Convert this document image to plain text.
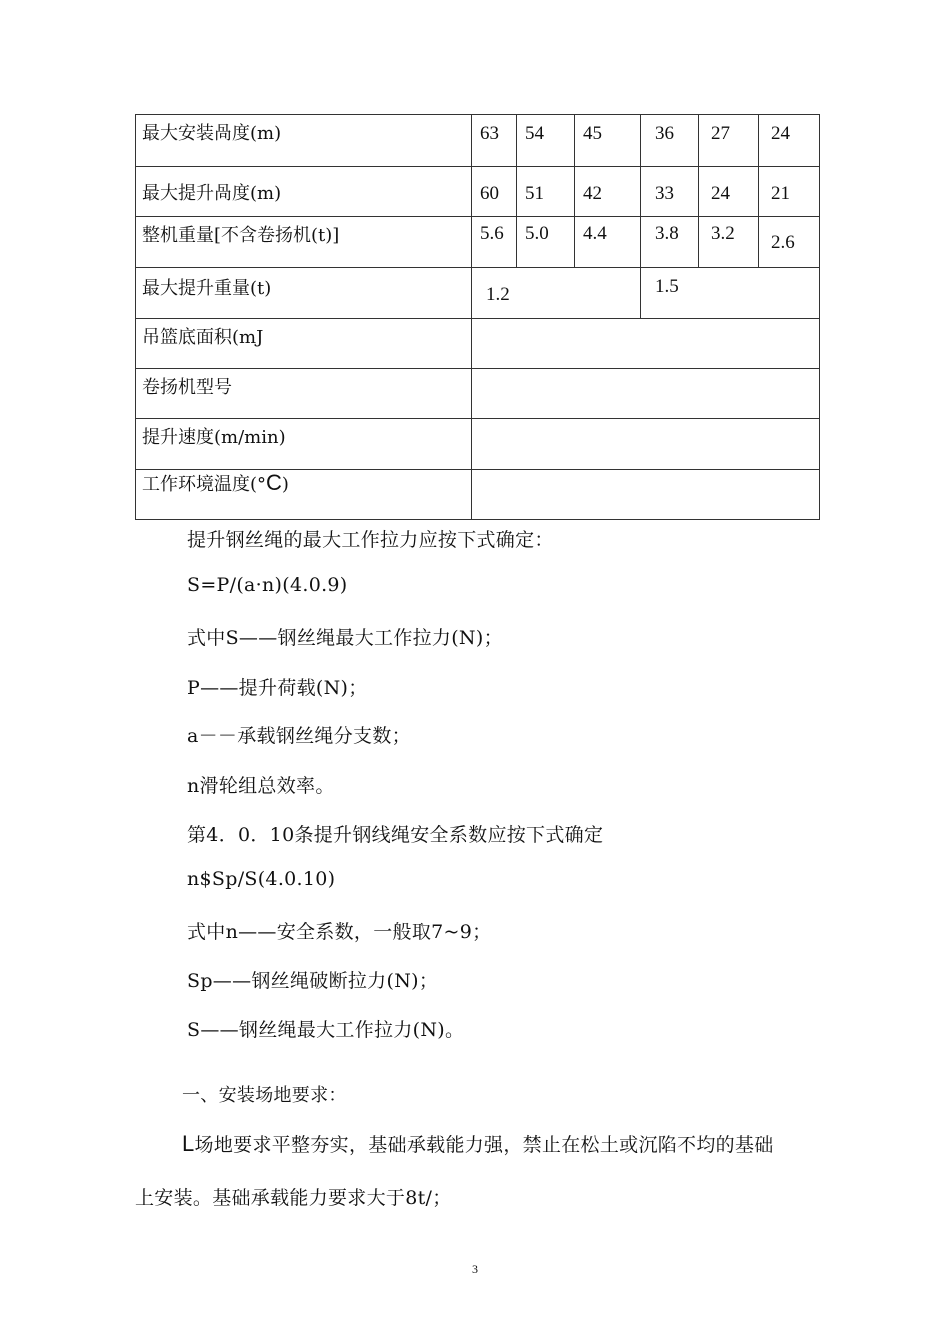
最大安装咼度(m)	63	54	45	36	27	24
最大提升咼度(m)	60	51	42	33	24	21
整机重量[不含卷扬机(t)]	5.6	5.0	4.4	3.8	3.2	2.6
最大提升重量(t)	1.2			1.5		
吊篮底面积(mJ						
卷扬机型号						
提升速度(m/min)						
工作环境温度(°C)						
提升钢丝绳的最大工作拉力应按下式确定：
S=P/(a·n)(4.0.9)
式中S——钢丝绳最大工作拉力(N)；
P——提升荷载(N)；
a－－承载钢丝绳分支数；
n滑轮组总效率。
第4．0．10条提升钢线绳安全系数应按下式确定
n$Sp/S(4.0.10)
式中n——安全系数，一般取7~9；
Sp——钢丝绳破断拉力(N)；
S——钢丝绳最大工作拉力(N)。
一、安装场地要求：
L场地要求平整夯实，基础承载能力强，禁止在松土或沉陷不均的基础
上安装。基础承载能力要求大于8t/；
3
